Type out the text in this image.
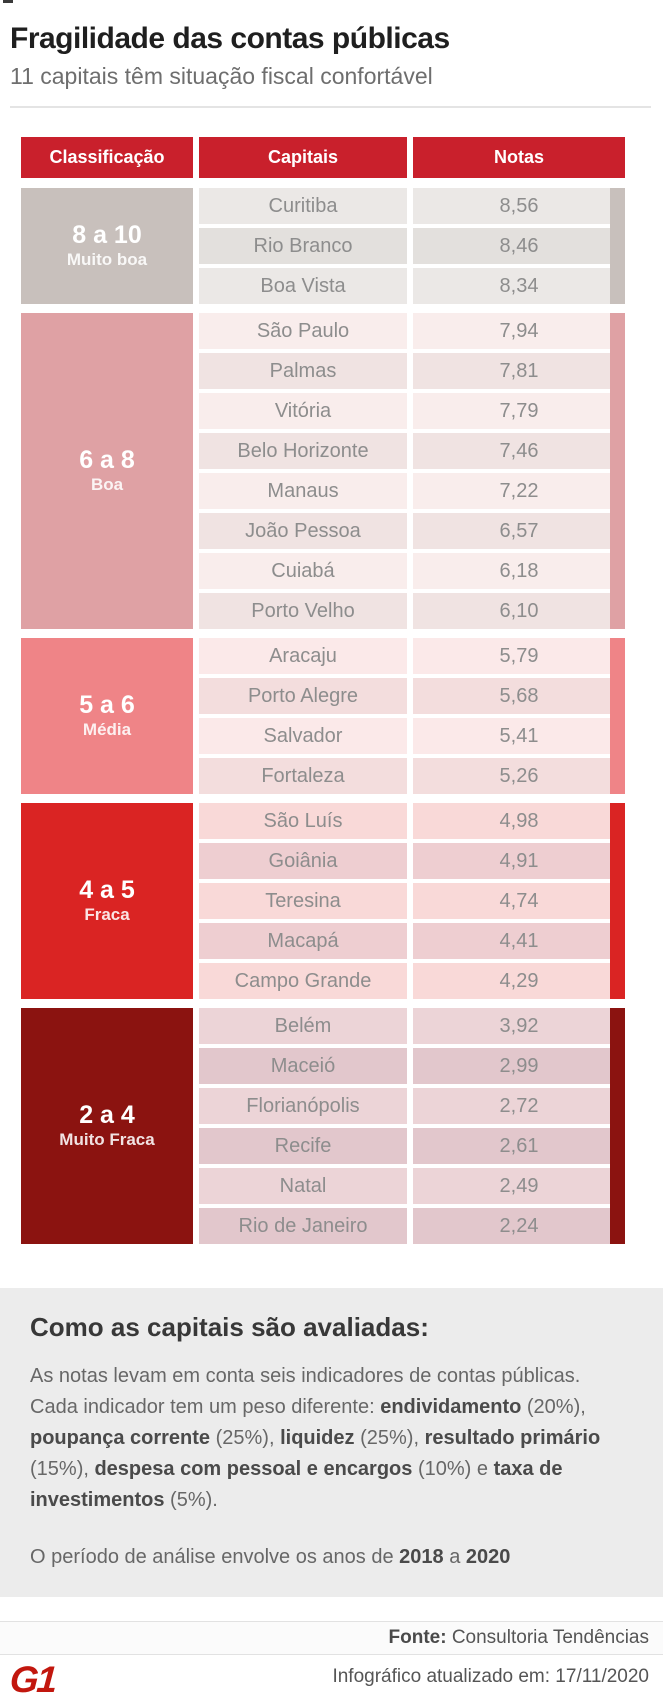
Fragilidade das contas públicas

11 capitais têm situação fiscal confortável

Classificação	Capitais	Notas
8 a 10
Muito boa
Curitiba	8,56
Rio Branco	8,46
Boa Vista	8,34
6 a 8
Boa
São Paulo	7,94
Palmas	7,81
Vitória	7,79
Belo Horizonte	7,46
Manaus	7,22
João Pessoa	6,57
Cuiabá	6,18
Porto Velho	6,10
5 a 6
Média
Aracaju	5,79
Porto Alegre	5,68
Salvador	5,41
Fortaleza	5,26
4 a 5
Fraca
São Luís	4,98
Goiânia	4,91
Teresina	4,74
Macapá	4,41
Campo Grande	4,29
2 a 4
Muito Fraca
Belém	3,92
Maceió	2,99
Florianópolis	2,72
Recife	2,61
Natal	2,49
Rio de Janeiro	2,24
Como as capitais são avaliadas:

As notas levam em conta seis indicadores de contas públicas. Cada indicador tem um peso diferente: endividamento (20%), poupança corrente (25%), liquidez (25%), resultado primário (15%), despesa com pessoal e encargos (10%) e taxa de investimentos (5%).

O período de análise envolve os anos de 2018 a 2020

Fonte: Consultoria Tendências
G1	Infográfico atualizado em: 17/11/2020
